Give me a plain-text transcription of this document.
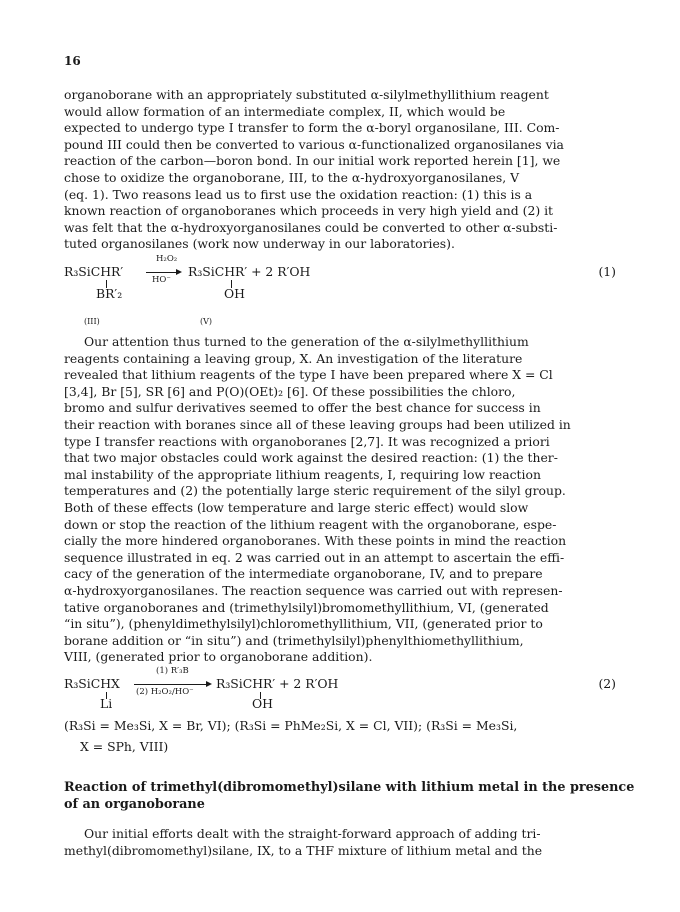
16
organoborane with an appropriately substituted α-silylmethyllithium reagent
would allow formation of an intermediate complex, II, which would be
expected to undergo type I transfer to form the α-boryl organosilane, III. Com-
pound III could then be converted to various α-functionalized organosilanes via
reaction of the carbon—boron bond. In our initial work reported herein [1], we
chose to oxidize the organoborane, III, to the α-hydroxyorganosilanes, V
(eq. 1). Two reasons lead us to first use the oxidation reaction: (1) this is a
known reaction of organoboranes which proceeds in very high yield and (2) it
was felt that the α-hydroxyorganosilanes could be converted to other α-substi-
tuted organosilanes (work now underway in our laboratories).
R₃SiCHR′
H₂O₂
HO⁻
R₃SiCHR′ + 2 R′OH	(1)
BR′₂	OH
(III)	(V)
Our attention thus turned to the generation of the α-silylmethyllithium
reagents containing a leaving group, X. An investigation of the literature
revealed that lithium reagents of the type I have been prepared where X = Cl
[3,4], Br [5], SR [6] and P(O)(OEt)₂ [6]. Of these possibilities the chloro,
bromo and sulfur derivatives seemed to offer the best chance for success in
their reaction with boranes since all of these leaving groups had been utilized in
type I transfer reactions with organoboranes [2,7]. It was recognized a priori
that two major obstacles could work against the desired reaction: (1) the ther-
mal instability of the appropriate lithium reagents, I, requiring low reaction
temperatures and (2) the potentially large steric requirement of the silyl group.
Both of these effects (low temperature and large steric effect) would slow
down or stop the reaction of the lithium reagent with the organoborane, espe-
cially the more hindered organoboranes. With these points in mind the reaction
sequence illustrated in eq. 2 was carried out in an attempt to ascertain the effi-
cacy of the generation of the intermediate organoborane, IV, and to prepare
α-hydroxyorganosilanes. The reaction sequence was carried out with represen-
tative organoboranes and (trimethylsilyl)bromomethyllithium, VI, (generated
“in situ”), (phenyldimethylsilyl)chloromethyllithium, VII, (generated prior to
borane addition or “in situ”) and (trimethylsilyl)phenylthiomethyllithium,
VIII, (generated prior to organoborane addition).
R₃SiCHX
(1) R′₃B
(2) H₂O₂/HO⁻
R₃SiCHR′ + 2 R′OH	(2)
Li	OH
(R₃Si = Me₃Si, X = Br, VI); (R₃Si = PhMe₂Si, X = Cl, VII); (R₃Si = Me₃Si,
X = SPh, VIII)
Reaction of trimethyl(dibromomethyl)silane with lithium metal in the presence
of an organoborane
Our initial efforts dealt with the straight-forward approach of adding tri-
methyl(dibromomethyl)silane, IX, to a THF mixture of lithium metal and the
